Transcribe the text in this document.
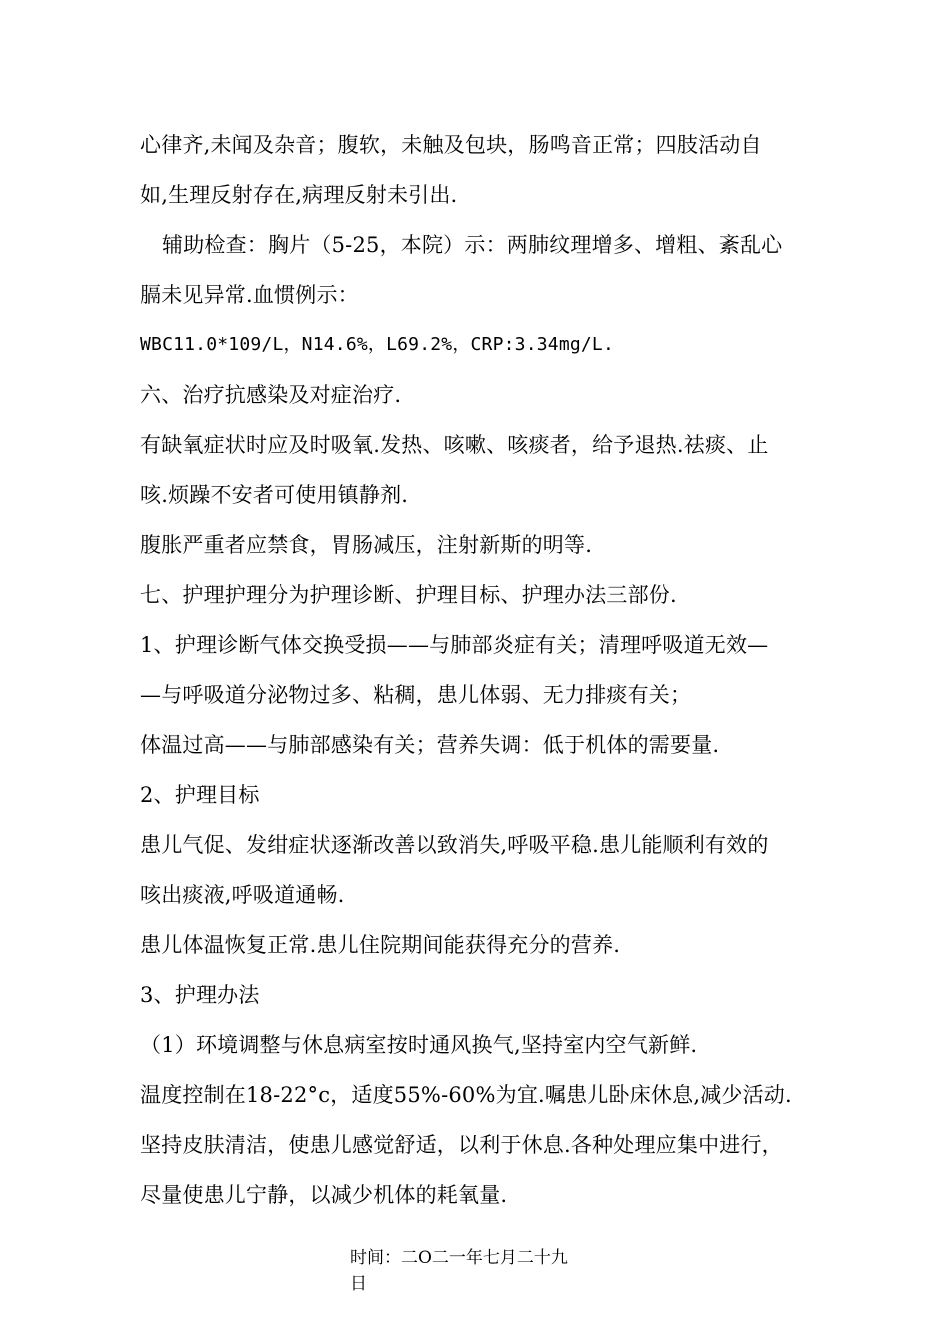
心律齐,未闻及杂音；腹软，未触及包块，肠鸣音正常；四肢活动自
如,生理反射存在,病理反射未引出.
辅助检查：胸片（5-25，本院）示：两肺纹理增多、增粗、紊乱心
膈未见异常.血惯例示：
WBC11.0*109/L，N14.6%，L69.2%，CRP:3.34mg/L.
六、治疗抗感染及对症治疗.
有缺氧症状时应及时吸氧.发热、咳嗽、咳痰者，给予退热.祛痰、止
咳.烦躁不安者可使用镇静剂.
腹胀严重者应禁食，胃肠减压，注射新斯的明等.
七、护理护理分为护理诊断、护理目标、护理办法三部份.
1、护理诊断气体交换受损——与肺部炎症有关；清理呼吸道无效—
—与呼吸道分泌物过多、粘稠，患儿体弱、无力排痰有关；
体温过高——与肺部感染有关；营养失调：低于机体的需要量.
2、护理目标
患儿气促、发绀症状逐渐改善以致消失,呼吸平稳.患儿能顺利有效的
咳出痰液,呼吸道通畅.
患儿体温恢复正常.患儿住院期间能获得充分的营养.
3、护理办法
（1）环境调整与休息病室按时通风换气,坚持室内空气新鲜.
温度控制在18-22°c，适度55%-60%为宜.嘱患儿卧床休息,减少活动.
坚持皮肤清洁，使患儿感觉舒适，以利于休息.各种处理应集中进行，
尽量使患儿宁静，以减少机体的耗氧量.
时间：二O二一年七月二十九
日
